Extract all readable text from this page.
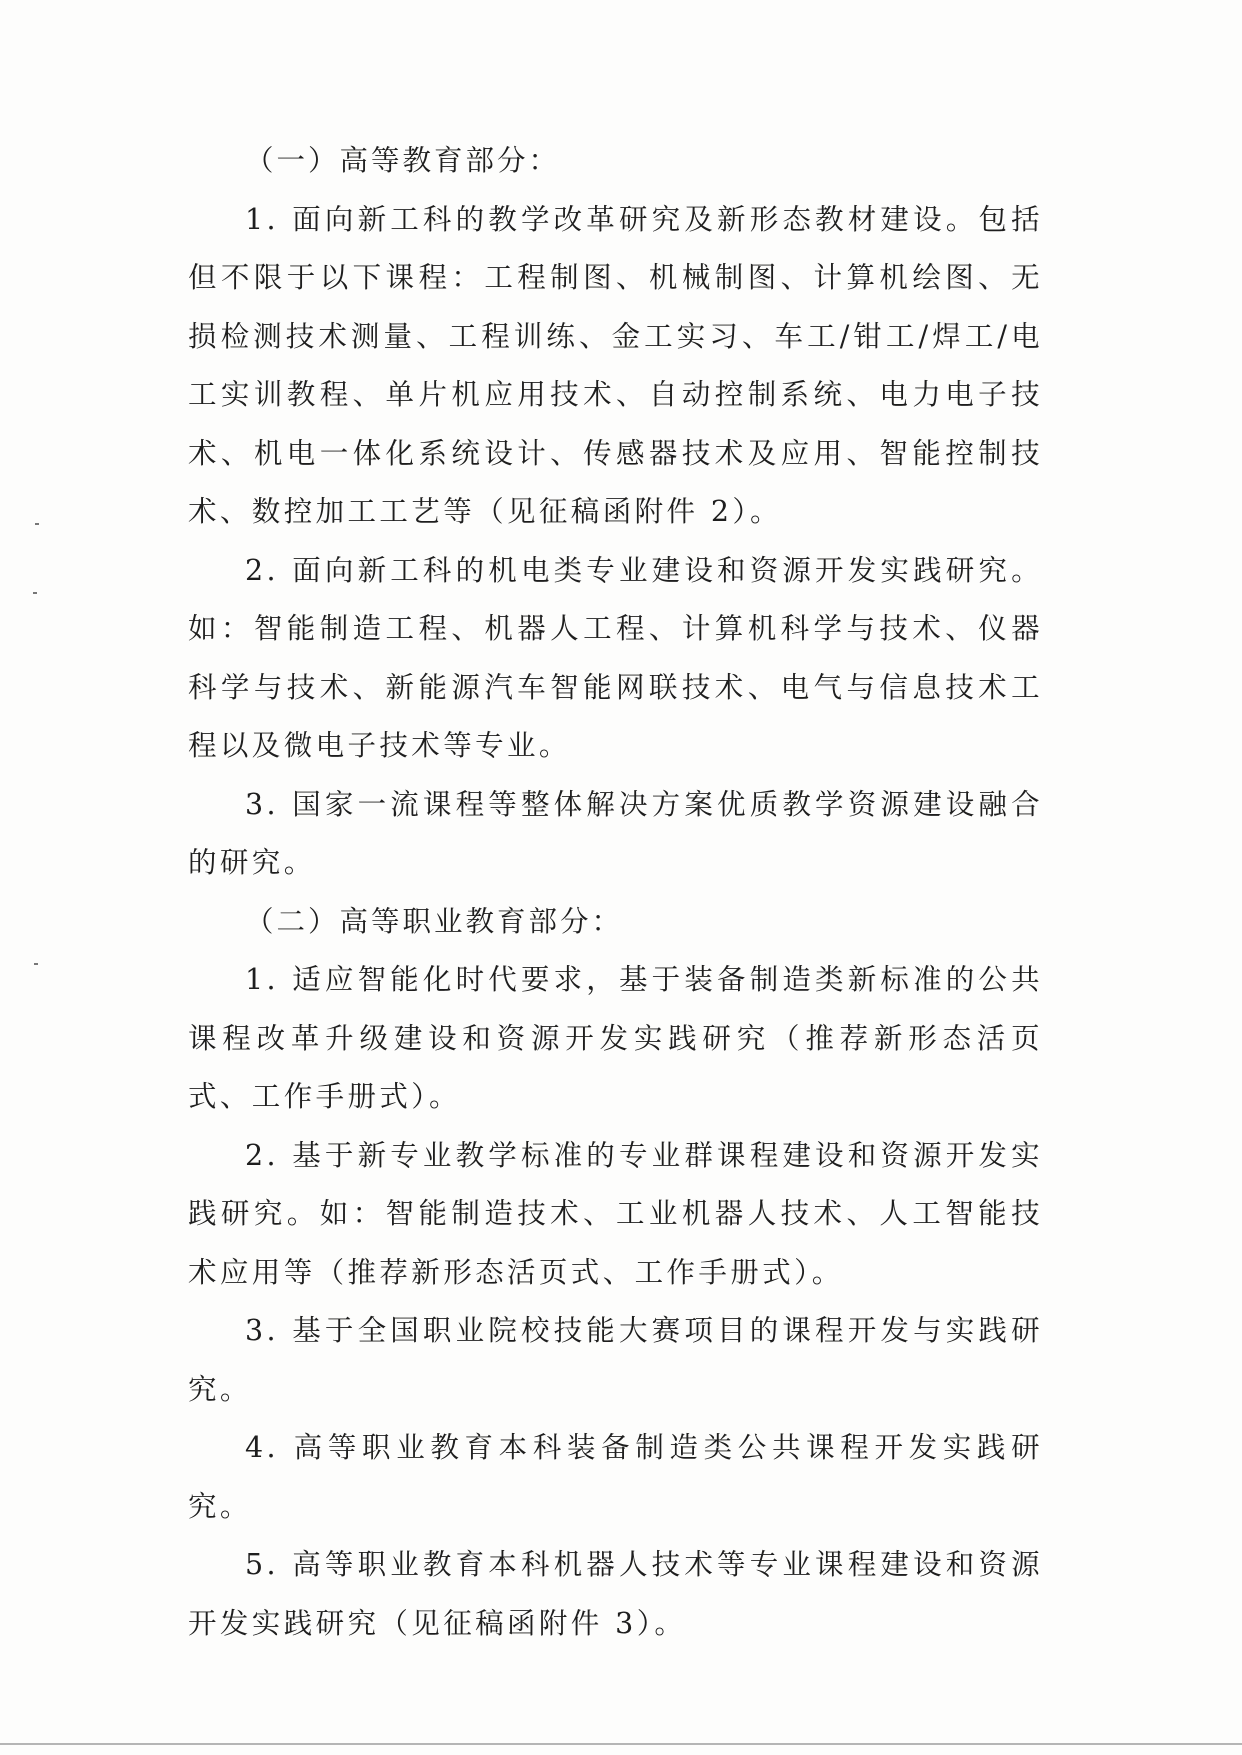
（一）高等教育部分：

1. 面向新工科的教学改革研究及新形态教材建设。包括但不限于以下课程：工程制图、机械制图、计算机绘图、无损检测技术测量、工程训练、金工实习、车工/钳工/焊工/电工实训教程、单片机应用技术、自动控制系统、电力电子技术、机电一体化系统设计、传感器技术及应用、智能控制技术、数控加工工艺等（见征稿函附件 2）。

2. 面向新工科的机电类专业建设和资源开发实践研究。如：智能制造工程、机器人工程、计算机科学与技术、仪器科学与技术、新能源汽车智能网联技术、电气与信息技术工程以及微电子技术等专业。

3. 国家一流课程等整体解决方案优质教学资源建设融合的研究。

（二）高等职业教育部分：

1. 适应智能化时代要求，基于装备制造类新标准的公共课程改革升级建设和资源开发实践研究（推荐新形态活页式、工作手册式）。

2. 基于新专业教学标准的专业群课程建设和资源开发实践研究。如：智能制造技术、工业机器人技术、人工智能技术应用等（推荐新形态活页式、工作手册式）。

3. 基于全国职业院校技能大赛项目的课程开发与实践研究。

4. 高等职业教育本科装备制造类公共课程开发实践研究。

5. 高等职业教育本科机器人技术等专业课程建设和资源开发实践研究（见征稿函附件 3）。
